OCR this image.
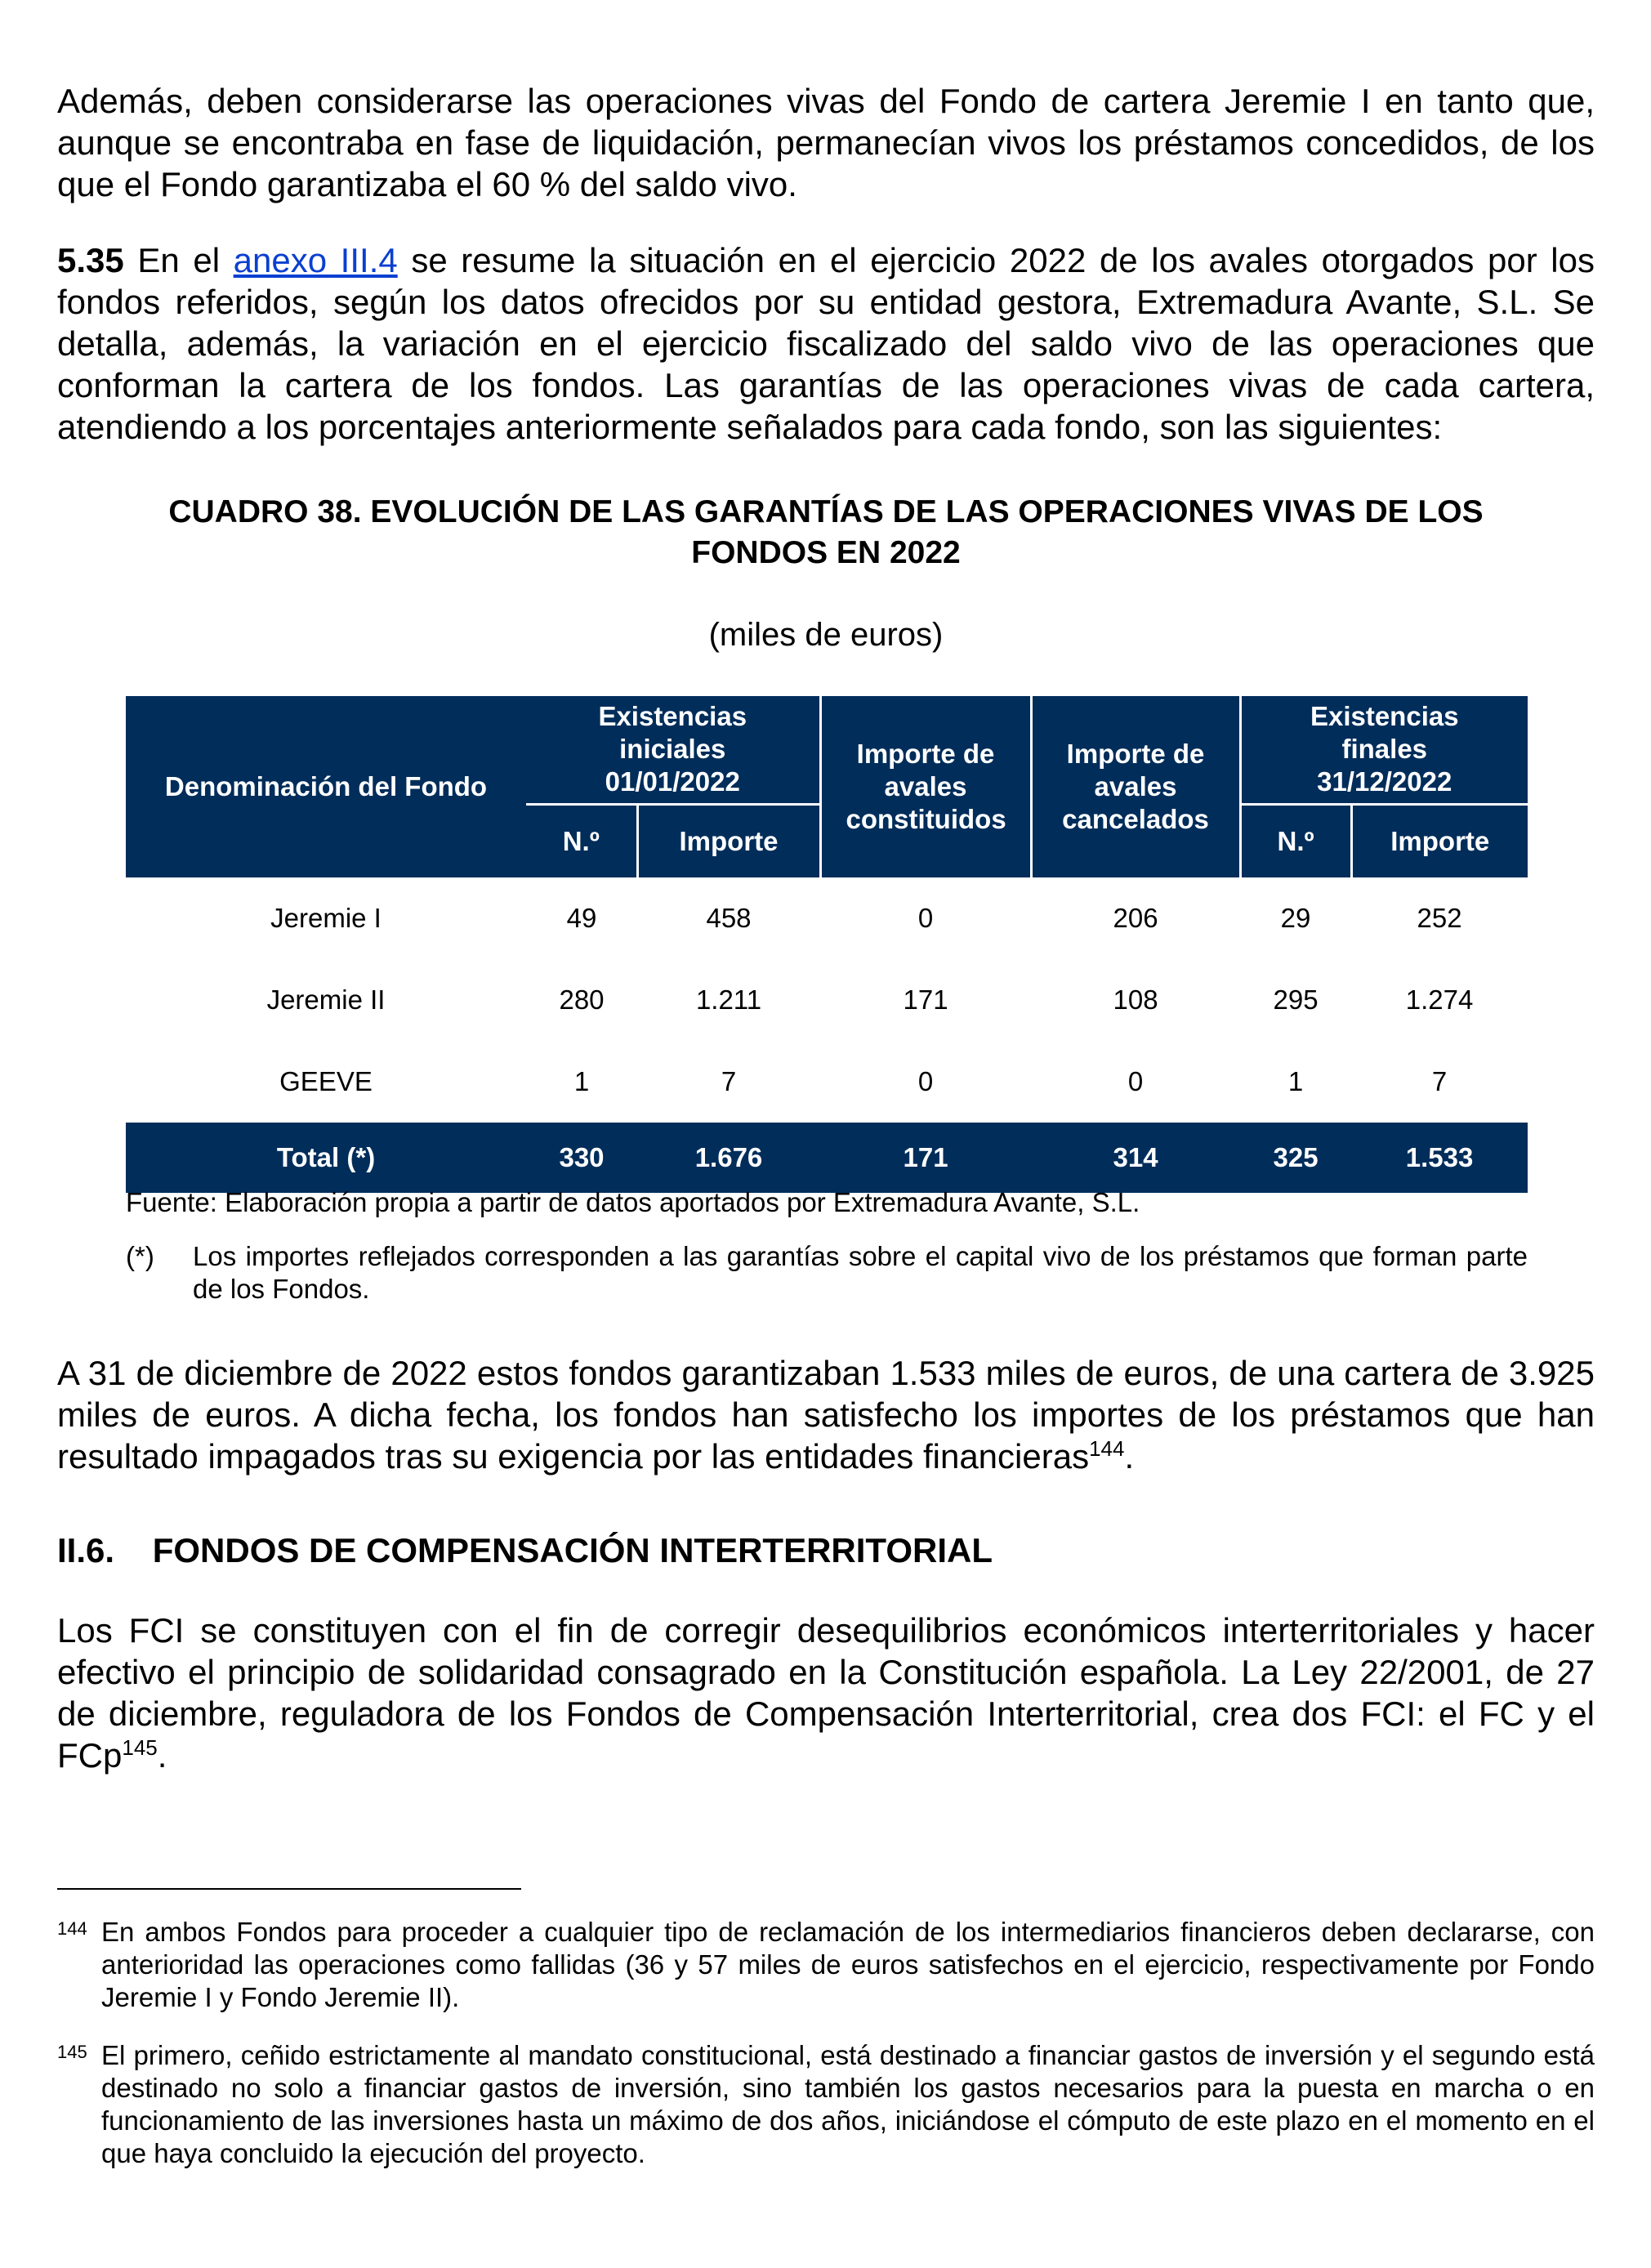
Además, deben considerarse las operaciones vivas del Fondo de cartera Jeremie I en tanto que, aunque se encontraba en fase de liquidación, permanecían vivos los préstamos concedidos, de los que el Fondo garantizaba el 60 % del saldo vivo.

5.35 En el anexo III.4 se resume la situación en el ejercicio 2022 de los avales otorgados por los fondos referidos, según los datos ofrecidos por su entidad gestora, Extremadura Avante, S.L. Se detalla, además, la variación en el ejercicio fiscalizado del saldo vivo de las operaciones que conforman la cartera de los fondos. Las garantías de las operaciones vivas de cada cartera, atendiendo a los porcentajes anteriormente señalados para cada fondo, son las siguientes:

CUADRO 38. EVOLUCIÓN DE LAS GARANTÍAS DE LAS OPERACIONES VIVAS DE LOS
FONDOS EN 2022

(miles de euros)

Denominación del Fondo	Existencias iniciales 01/01/2022		Importe de avales constituidos	Importe de avales cancelados	Existencias finales 31/12/2022	
	N.º	Importe			N.º	Importe
Jeremie I	49	458	0	206	29	252
Jeremie II	280	1.211	171	108	295	1.274
GEEVE	1	7	0	0	1	7
Total (*)	330	1.676	171	314	325	1.533

Fuente: Elaboración propia a partir de datos aportados por Extremadura Avante, S.L.

(*) Los importes reflejados corresponden a las garantías sobre el capital vivo de los préstamos que forman parte de los Fondos.

A 31 de diciembre de 2022 estos fondos garantizaban 1.533 miles de euros, de una cartera de 3.925 miles de euros. A dicha fecha, los fondos han satisfecho los importes de los préstamos que han resultado impagados tras su exigencia por las entidades financieras$^{144}$.

II.6.    FONDOS DE COMPENSACIÓN INTERTERRITORIAL

Los FCI se constituyen con el fin de corregir desequilibrios económicos interterritoriales y hacer efectivo el principio de solidaridad consagrado en la Constitución española. La Ley 22/2001, de 27 de diciembre, reguladora de los Fondos de Compensación Interterritorial, crea dos FCI: el FC y el FCp$^{145}$.

144 En ambos Fondos para proceder a cualquier tipo de reclamación de los intermediarios financieros deben declararse, con anterioridad las operaciones como fallidas (36 y 57 miles de euros satisfechos en el ejercicio, respectivamente por Fondo Jeremie I y Fondo Jeremie II).

145 El primero, ceñido estrictamente al mandato constitucional, está destinado a financiar gastos de inversión y el segundo está destinado no solo a financiar gastos de inversión, sino también los gastos necesarios para la puesta en marcha o en funcionamiento de las inversiones hasta un máximo de dos años, iniciándose el cómputo de este plazo en el momento en el que haya concluido la ejecución del proyecto.
